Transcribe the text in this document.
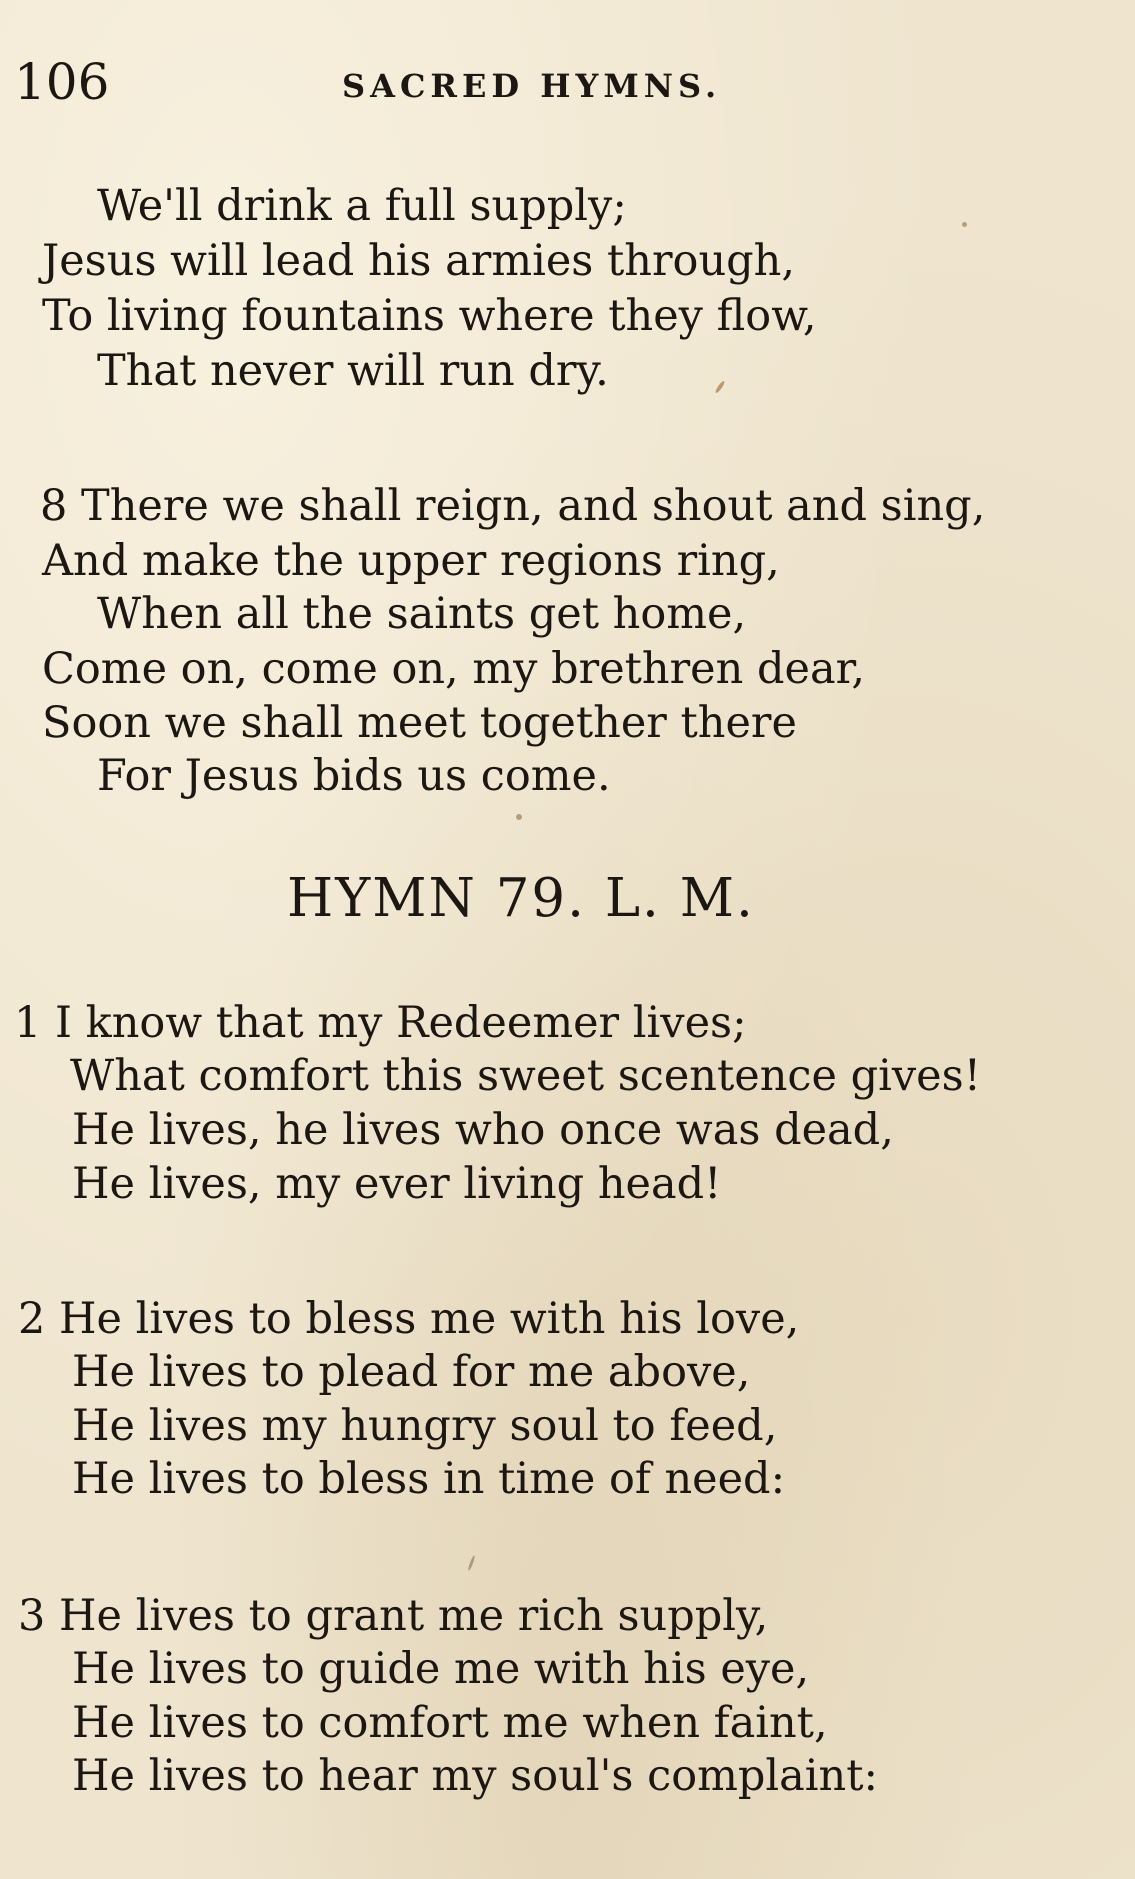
106	SACRED HYMNS.
We'll drink a full supply;
Jesus will lead his armies through,
To living fountains where they flow,
That never will run dry.
8 There we shall reign, and shout and sing,
And make the upper regions ring,
When all the saints get home,
Come on, come on, my brethren dear,
Soon we shall meet together there
For Jesus bids us come.
HYMN 79. L. M.
1 I know that my Redeemer lives;
What comfort this sweet scentence gives!
He lives, he lives who once was dead,
He lives, my ever living head!
2 He lives to bless me with his love,
He lives to plead for me above,
He lives my hungry soul to feed,
He lives to bless in time of need:
3 He lives to grant me rich supply,
He lives to guide me with his eye,
He lives to comfort me when faint,
He lives to hear my soul's complaint:
